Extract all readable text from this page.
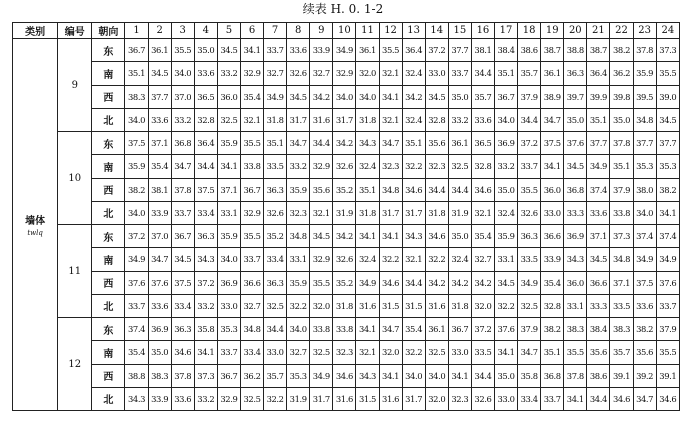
续表 H. 0. 1-2
类别	编号	朝向	1	2	3	4	5	6	7	8	9	10	11	12	13	14	15	16	17	18	19	20	21	22	23	24
墙体
twlq	9	东	36.7	36.1	35.5	35.0	34.5	34.1	33.7	33.6	33.9	34.9	36.1	35.5	36.4	37.2	37.7	38.1	38.4	38.6	38.7	38.8	38.7	38.2	37.8	37.3
		南	35.1	34.5	34.0	33.6	33.2	32.9	32.7	32.6	32.7	32.9	32.0	32.1	32.4	33.0	33.7	34.4	35.1	35.7	36.1	36.3	36.4	36.2	35.9	35.5
		西	38.3	37.7	37.0	36.5	36.0	35.4	34.9	34.5	34.2	34.0	34.0	34.1	34.2	34.5	35.0	35.7	36.7	37.9	38.9	39.7	39.9	39.8	39.5	39.0
		北	34.0	33.6	33.2	32.8	32.5	32.1	31.8	31.7	31.6	31.7	31.8	32.1	32.4	32.8	33.2	33.6	34.0	34.4	34.7	35.0	35.1	35.0	34.8	34.5
	10	东	37.5	37.1	36.8	36.4	35.9	35.5	35.1	34.7	34.4	34.2	34.3	34.7	35.1	35.6	36.1	36.5	36.9	37.2	37.5	37.6	37.7	37.8	37.7	37.7
		南	35.9	35.4	34.7	34.4	34.1	33.8	33.5	33.2	32.9	32.6	32.4	32.3	32.2	32.3	32.5	32.8	33.2	33.7	34.1	34.5	34.9	35.1	35.3	35.3
		西	38.2	38.1	37.8	37.5	37.1	36.7	36.3	35.9	35.6	35.2	35.1	34.8	34.6	34.4	34.4	34.6	35.0	35.5	36.0	36.8	37.4	37.9	38.0	38.2
		北	34.0	33.9	33.7	33.4	33.1	32.9	32.6	32.3	32.1	31.9	31.8	31.7	31.7	31.8	31.9	32.1	32.4	32.6	33.0	33.3	33.6	33.8	34.0	34.1
	11	东	37.2	37.0	36.7	36.3	35.9	35.5	35.2	34.8	34.5	34.2	34.1	34.1	34.3	34.6	35.0	35.4	35.9	36.3	36.6	36.9	37.1	37.3	37.4	37.4
		南	34.9	34.7	34.5	34.3	34.0	33.7	33.4	33.1	32.9	32.6	32.4	32.2	32.1	32.2	32.4	32.7	33.1	33.5	33.9	34.3	34.5	34.8	34.9	34.9
		西	37.6	37.6	37.5	37.2	36.9	36.6	36.3	35.9	35.5	35.2	34.9	34.6	34.4	34.2	34.2	34.2	34.5	34.9	35.4	36.0	36.6	37.1	37.5	37.6
		北	33.7	33.6	33.4	33.2	33.0	32.7	32.5	32.2	32.0	31.8	31.6	31.5	31.5	31.6	31.8	32.0	32.2	32.5	32.8	33.1	33.3	33.5	33.6	33.7
	12	东	37.4	36.9	36.3	35.8	35.3	34.8	34.4	34.0	33.8	33.8	34.1	34.7	35.4	36.1	36.7	37.2	37.6	37.9	38.2	38.3	38.4	38.3	38.2	37.9
		南	35.4	35.0	34.6	34.1	33.7	33.4	33.0	32.7	32.5	32.3	32.1	32.0	32.2	32.5	33.0	33.5	34.1	34.7	35.1	35.5	35.6	35.7	35.6	35.5
		西	38.8	38.3	37.8	37.3	36.7	36.2	35.7	35.3	34.9	34.6	34.3	34.1	34.0	34.0	34.1	34.4	35.0	35.8	36.8	37.8	38.6	39.1	39.2	39.1
		北	34.3	33.9	33.6	33.2	32.9	32.5	32.2	31.9	31.7	31.6	31.5	31.6	31.7	32.0	32.3	32.6	33.0	33.4	33.7	34.1	34.4	34.6	34.7	34.6
